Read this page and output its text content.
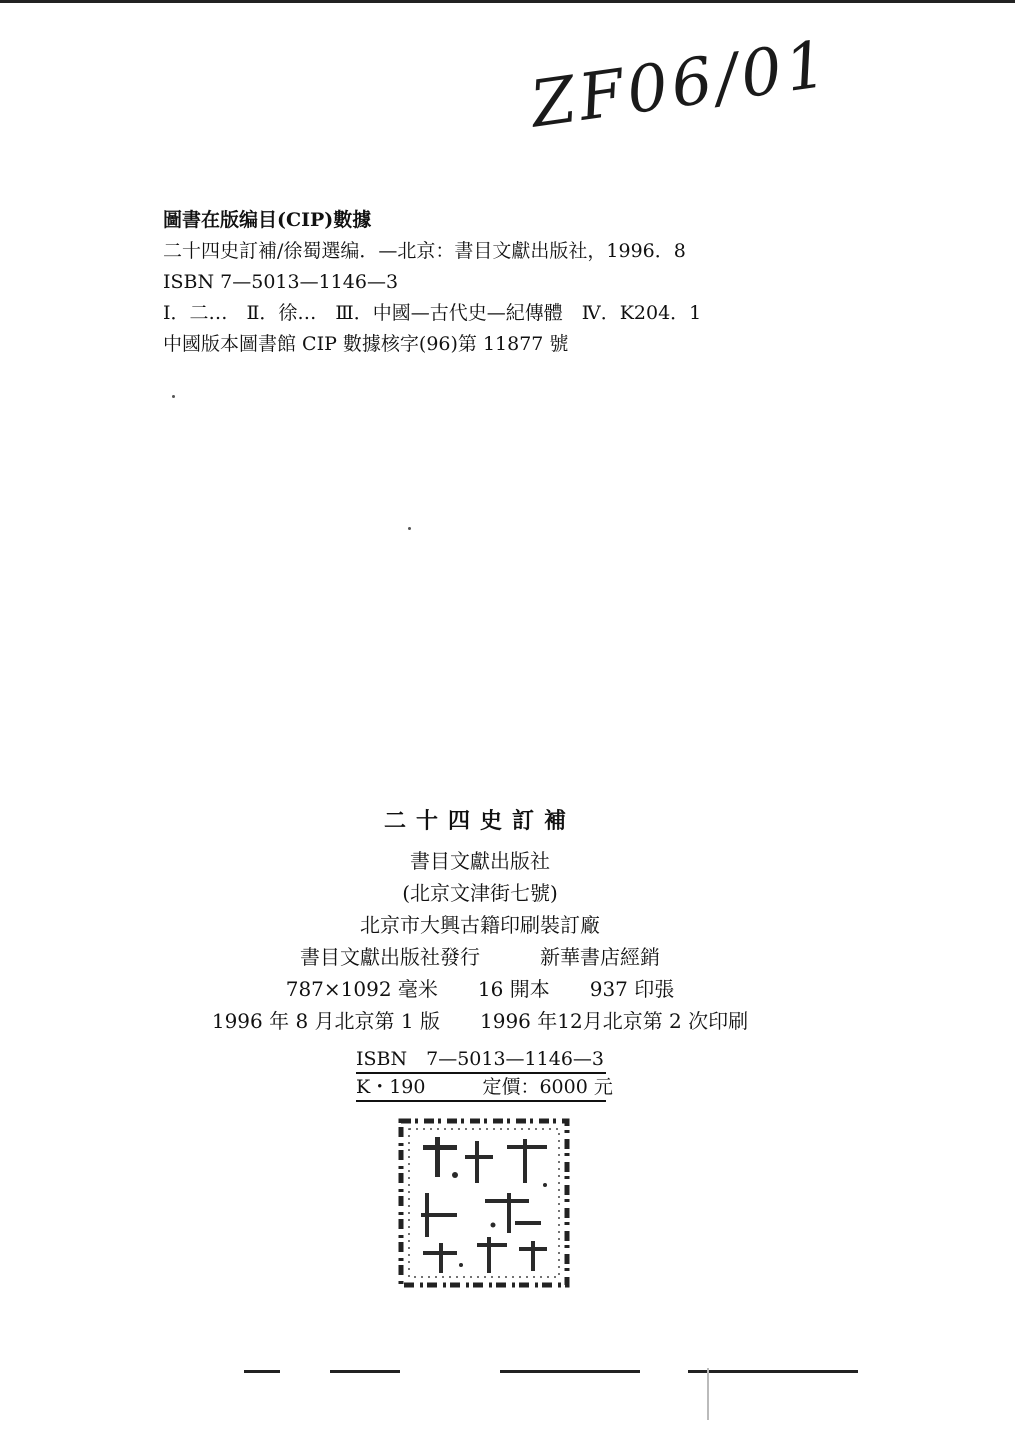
ZF06/01
圖書在版编目(CIP)數據
二十四史訂補/徐蜀選编．—北京：書目文獻出版社，1996．8
ISBN 7—5013—1146—3
Ⅰ．二…　Ⅱ．徐…　Ⅲ．中國—古代史—紀傳體　Ⅳ．K204．1
中國版本圖書館 CIP 數據核字(96)第 11877 號
二十四史訂補
書目文獻出版社
(北京文津街七號)
北京市大興古籍印刷裝訂廠
書目文獻出版社發行　　　新華書店經銷
787×1092 毫米　　16 開本　　937 印張
1996 年 8 月北京第 1 版　　1996 年12月北京第 2 次印刷
ISBN　7—5013—1146—3
K・190　　　定價：6000 元
